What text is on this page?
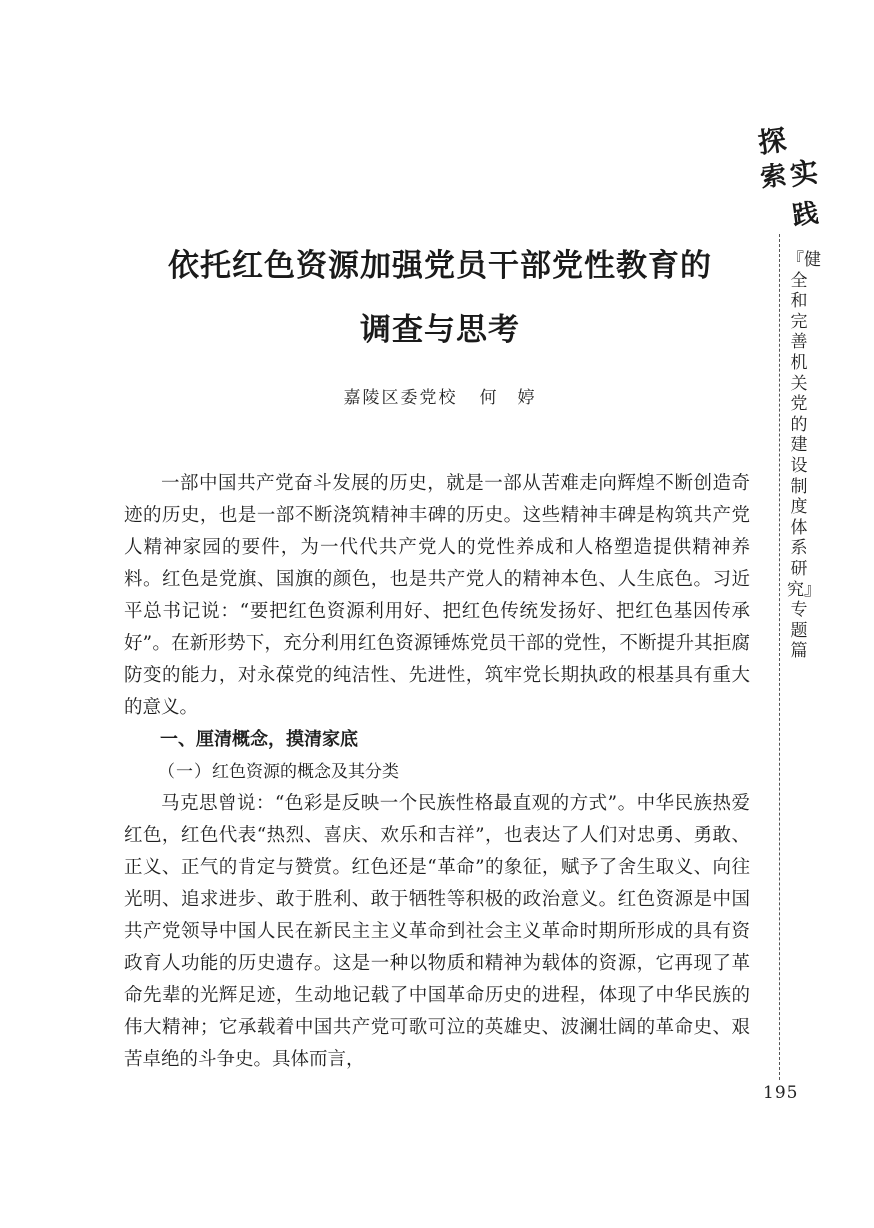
依托红色资源加强党员干部党性教育的
调查与思考
嘉陵区委党校 何　婷

一部中国共产党奋斗发展的历史，就是一部从苦难走向辉煌不断创造奇迹的历史，也是一部不断浇筑精神丰碑的历史。这些精神丰碑是构筑共产党人精神家园的要件，为一代代共产党人的党性养成和人格塑造提供精神养料。红色是党旗、国旗的颜色，也是共产党人的精神本色、人生底色。习近平总书记说：“要把红色资源利用好、把红色传统发扬好、把红色基因传承好”。在新形势下，充分利用红色资源锤炼党员干部的党性，不断提升其拒腐防变的能力，对永葆党的纯洁性、先进性，筑牢党长期执政的根基具有重大的意义。

一、厘清概念，摸清家底
（一）红色资源的概念及其分类

马克思曾说：“色彩是反映一个民族性格最直观的方式”。中华民族热爱红色，红色代表“热烈、喜庆、欢乐和吉祥”，也表达了人们对忠勇、勇敢、正义、正气的肯定与赞赏。红色还是“革命”的象征，赋予了舍生取义、向往光明、追求进步、敢于胜利、敢于牺牲等积极的政治意义。红色资源是中国共产党领导中国人民在新民主主义革命到社会主义革命时期所形成的具有资政育人功能的历史遗存。这是一种以物质和精神为载体的资源，它再现了革命先辈的光辉足迹，生动地记载了中国革命历史的进程，体现了中华民族的伟大精神；它承载着中国共产党可歌可泣的英雄史、波澜壮阔的革命史、艰苦卓绝的斗争史。具体而言，

探
索 实
践
『健全和完善机关党的建设制度体系研究』专题篇
195
